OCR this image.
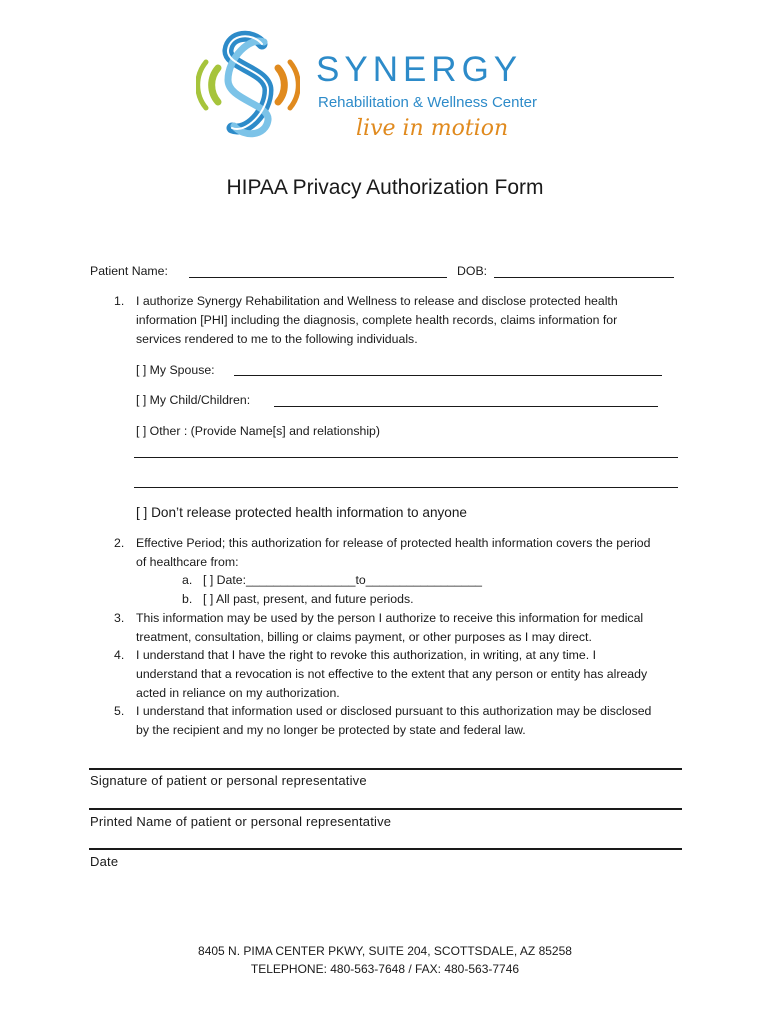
SYNERGY
Rehabilitation & Wellness Center
live in motion
HIPAA Privacy Authorization Form
Patient Name:	DOB:
1. I authorize Synergy Rehabilitation and Wellness to release and disclose protected health
information [PHI] including the diagnosis, complete health records, claims information for
services rendered to me to the following individuals.
[ ] My Spouse:
[ ] My Child/Children:
[ ] Other : (Provide Name[s] and relationship)
[ ] Don’t release protected health information to anyone
2. Effective Period; this authorization for release of protected health information covers the period
of healthcare from:
a. [ ] Date:________________to_________________
b. [ ] All past, present, and future periods.
3. This information may be used by the person I authorize to receive this information for medical
treatment, consultation, billing or claims payment, or other purposes as I may direct.
4. I understand that I have the right to revoke this authorization, in writing, at any time. I
understand that a revocation is not effective to the extent that any person or entity has already
acted in reliance on my authorization.
5. I understand that information used or disclosed pursuant to this authorization may be disclosed
by the recipient and my no longer be protected by state and federal law.
Signature of patient or personal representative
Printed Name of patient or personal representative
Date
8405 N. PIMA CENTER PKWY, SUITE 204, SCOTTSDALE, AZ 85258
TELEPHONE: 480-563-7648 / FAX: 480-563-7746
